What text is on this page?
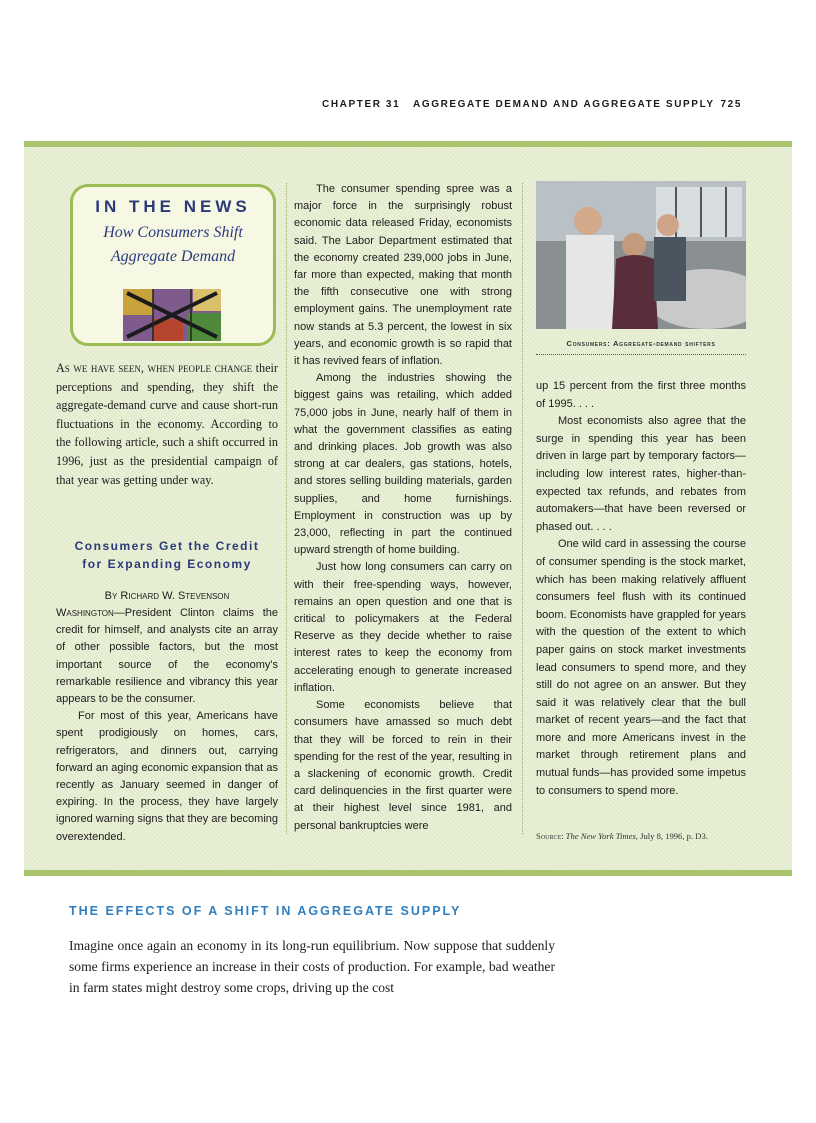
CHAPTER 31   AGGREGATE DEMAND AND AGGREGATE SUPPLY 725
IN THE NEWS
How Consumers Shift
Aggregate Demand
As we have seen, when people change their perceptions and spending, they shift the aggregate-demand curve and cause short-run fluctuations in the economy. According to the following article, such a shift occurred in 1996, just as the presidential campaign of that year was getting under way.
Consumers Get the Credit
for Expanding Economy
By Richard W. Stevenson

Washington—President Clinton claims the credit for himself, and analysts cite an array of other possible factors, but the most important source of the economy's remarkable resilience and vibrancy this year appears to be the consumer.

For most of this year, Americans have spent prodigiously on homes, cars, refrigerators, and dinners out, carrying forward an aging economic expansion that as recently as January seemed in danger of expiring. In the process, they have largely ignored warning signs that they are becoming overextended.

The consumer spending spree was a major force in the surprisingly robust economic data released Friday, economists said. The Labor Department estimated that the economy created 239,000 jobs in June, far more than expected, making that month the fifth consecutive one with strong employment gains. The unemployment rate now stands at 5.3 percent, the lowest in six years, and economic growth is so rapid that it has revived fears of inflation.

Among the industries showing the biggest gains was retailing, which added 75,000 jobs in June, nearly half of them in what the government classifies as eating and drinking places. Job growth was also strong at car dealers, gas stations, hotels, and stores selling building materials, garden supplies, and home furnishings. Employment in construction was up by 23,000, reflecting in part the continued upward strength of home building.

Just how long consumers can carry on with their free-spending ways, however, remains an open question and one that is critical to policymakers at the Federal Reserve as they decide whether to raise interest rates to keep the economy from accelerating enough to generate increased inflation.

Some economists believe that consumers have amassed so much debt that they will be forced to rein in their spending for the rest of the year, resulting in a slackening of economic growth. Credit card delinquencies in the first quarter were at their highest level since 1981, and personal bankruptcies were

Consumers: Aggregate-demand shifters

up 15 percent from the first three months of 1995. . . .

Most economists also agree that the surge in spending this year has been driven in large part by temporary factors—including low interest rates, higher-than-expected tax refunds, and rebates from automakers—that have been reversed or phased out. . . .

One wild card in assessing the course of consumer spending is the stock market, which has been making relatively affluent consumers feel flush with its continued boom. Economists have grappled for years with the question of the extent to which paper gains on stock market investments lead consumers to spend more, and they still do not agree on an answer. But they said it was relatively clear that the bull market of recent years—and the fact that more and more Americans invest in the market through retirement plans and mutual funds—has provided some impetus to consumers to spend more.

Source: The New York Times, July 8, 1996, p. D3.
THE EFFECTS OF A SHIFT IN AGGREGATE SUPPLY
Imagine once again an economy in its long-run equilibrium. Now suppose that suddenly some firms experience an increase in their costs of production. For example, bad weather in farm states might destroy some crops, driving up the cost
